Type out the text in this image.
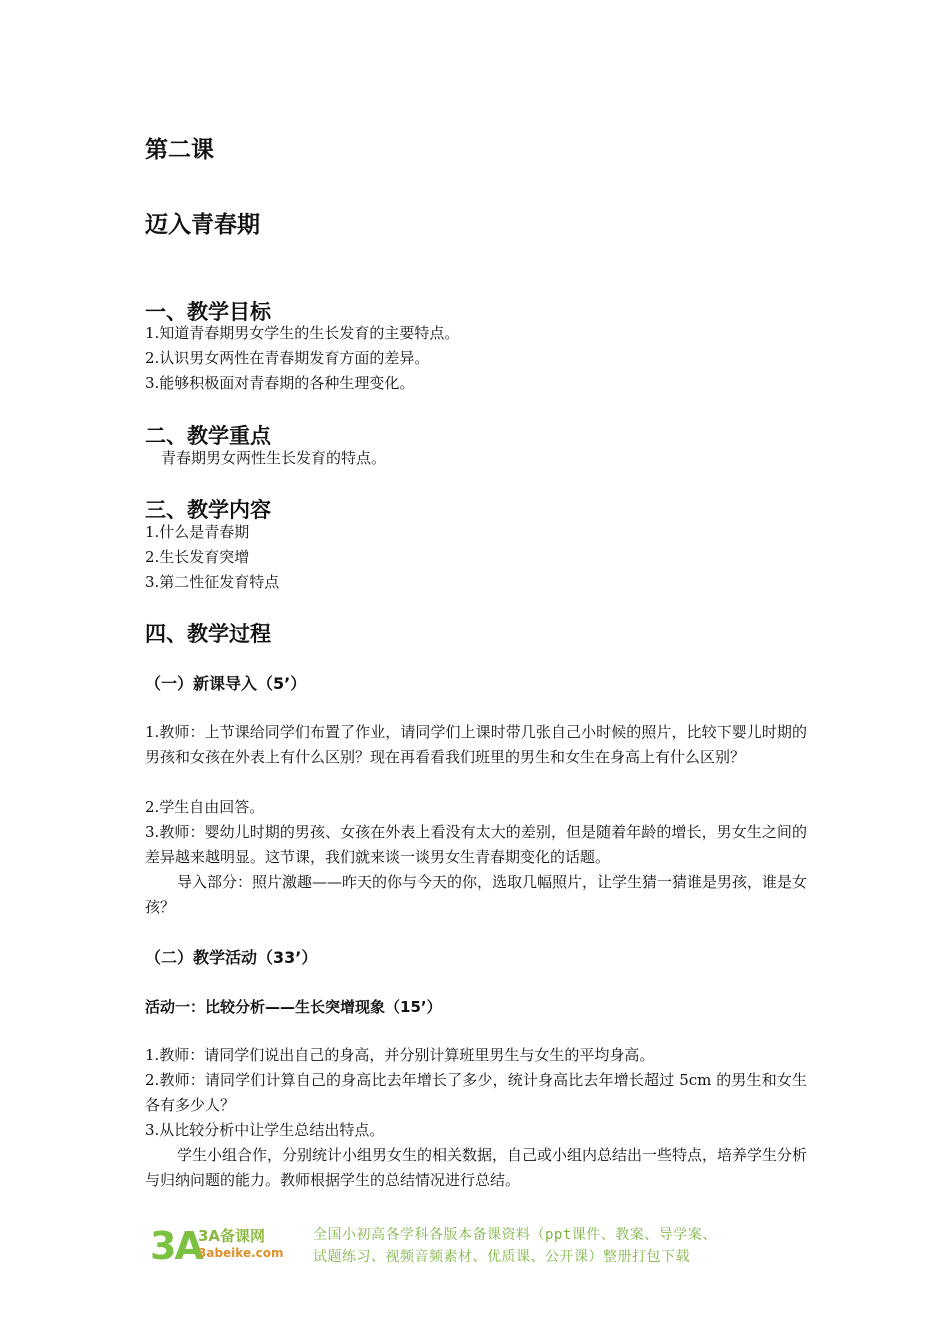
第二课
迈入青春期
一、教学目标
1.知道青春期男女学生的生长发育的主要特点。
2.认识男女两性在青春期发育方面的差异。
3.能够积极面对青春期的各种生理变化。
二、教学重点
青春期男女两性生长发育的特点。
三、教学内容
1.什么是青春期
2.生长发育突增
3.第二性征发育特点
四、教学过程
（一）新课导入（5’）
1.教师：上节课给同学们布置了作业，请同学们上课时带几张自己小时候的照片，比较下婴儿时期的男孩和女孩在外表上有什么区别？现在再看看我们班里的男生和女生在身高上有什么区别？
2.学生自由回答。
3.教师：婴幼儿时期的男孩、女孩在外表上看没有太大的差别，但是随着年龄的增长，男女生之间的差异越来越明显。这节课，我们就来谈一谈男女生青春期变化的话题。
导入部分：照片激趣——昨天的你与今天的你，选取几幅照片，让学生猜一猜谁是男孩，谁是女孩？
（二）教学活动（33’）
活动一：比较分析——生长突增现象（15’）
1.教师：请同学们说出自己的身高，并分别计算班里男生与女生的平均身高。
2.教师：请同学们计算自己的身高比去年增长了多少，统计身高比去年增长超过 5cm 的男生和女生各有多少人？
3.从比较分析中让学生总结出特点。
学生小组合作，分别统计小组男女生的相关数据，自己或小组内总结出一些特点，培养学生分析与归纳问题的能力。教师根据学生的总结情况进行总结。
3A
3A备课网
3abeike.com
全国小初高各学科各版本备课资料（ppt课件、教案、导学案、
试题练习、视频音频素材、优质课、公开课）整册打包下载
